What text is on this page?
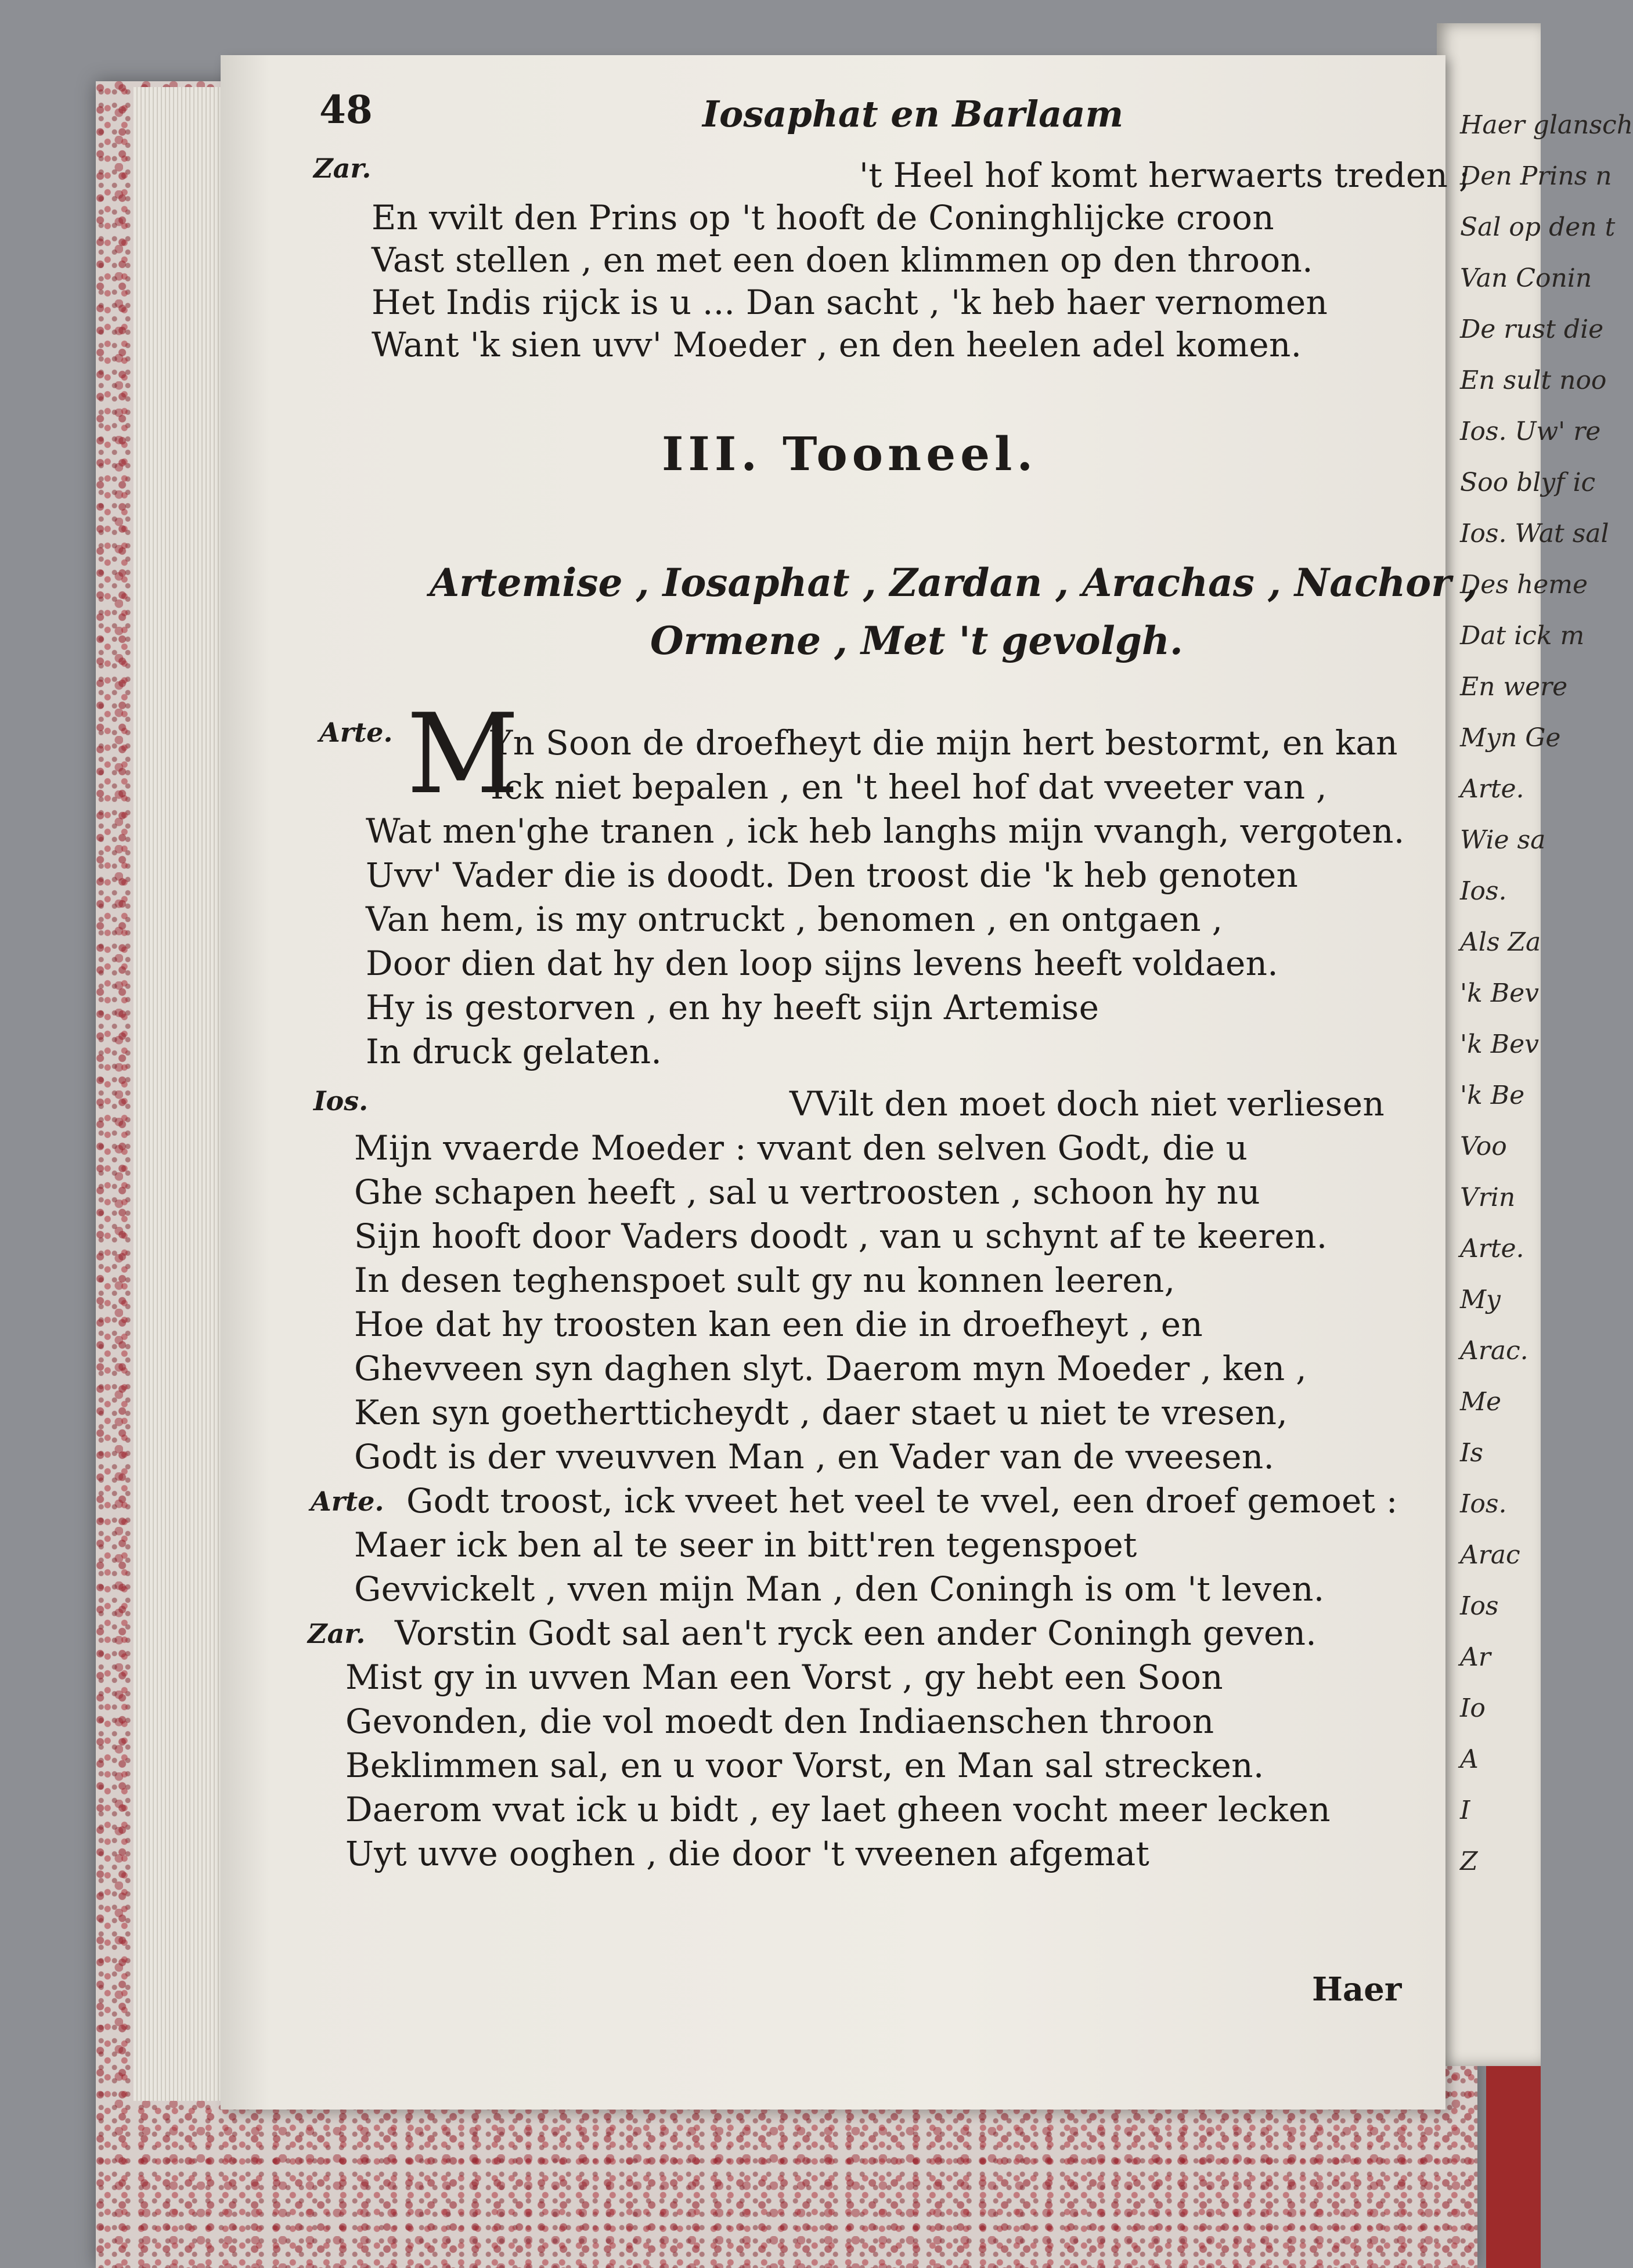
Haer glansch
Den Prins n
Sal op den t
Van Conin
De rust die
En sult noo
Ios. Uw' re
Soo blyf ic
Ios. Wat sal
Des heme
Dat ick m
En were
Myn Ge
Arte.
Wie sa
Ios.
Als Za
'k Bev
'k Bev
'k Be
Voo
Vrin
Arte.
My
Arac.
Me
Is
Ios.
Arac
Ios
Ar
Io
A
I
Z
48	Iosaphat en Barlaam
Zar.	't Heel hof komt herwaerts treden ;
En vvilt den Prins op 't hooft de Coninghlijcke croon
Vast stellen , en met een doen klimmen op den throon.
Het Indis rijck is u ... Dan sacht , 'k heb haer vernomen
Want 'k sien uvv' Moeder , en den heelen adel komen.
III. Tooneel.
Artemise , Iosaphat , Zardan , Arachas , Nachor ,
Ormene , Met 't gevolgh.
Arte. M
Yn Soon de droefheyt die mijn hert bestormt, en kan
Ick niet bepalen , en 't heel hof dat vveeter van ,
Wat men'ghe tranen , ick heb langhs mijn vvangh, vergoten.
Uvv' Vader die is doodt. Den troost die 'k heb genoten
Van hem, is my ontruckt , benomen , en ontgaen ,
Door dien dat hy den loop sijns levens heeft voldaen.
Hy is gestorven , en hy heeft sijn Artemise
In druck gelaten.
Ios.	VVilt den moet doch niet verliesen
Mijn vvaerde Moeder : vvant den selven Godt, die u
Ghe schapen heeft , sal u vertroosten , schoon hy nu
Sijn hooft door Vaders doodt , van u schynt af te keeren.
In desen teghenspoet sult gy nu konnen leeren,
Hoe dat hy troosten kan een die in droefheyt , en
Ghevveen syn daghen slyt. Daerom myn Moeder , ken ,
Ken syn goethertticheydt , daer staet u niet te vresen,
Godt is der vveuvven Man , en Vader van de vveesen.
Arte. Godt troost, ick vveet het veel te vvel, een droef gemoet :
Maer ick ben al te seer in bitt'ren tegenspoet
Gevvickelt , vven mijn Man , den Coningh is om 't leven.
Zar. Vorstin Godt sal aen't ryck een ander Coningh geven.
Mist gy in uvven Man een Vorst , gy hebt een Soon
Gevonden, die vol moedt den Indiaenschen throon
Beklimmen sal, en u voor Vorst, en Man sal strecken.
Daerom vvat ick u bidt , ey laet gheen vocht meer lecken
Uyt uvve ooghen , die door 't vveenen afgemat
Haer
